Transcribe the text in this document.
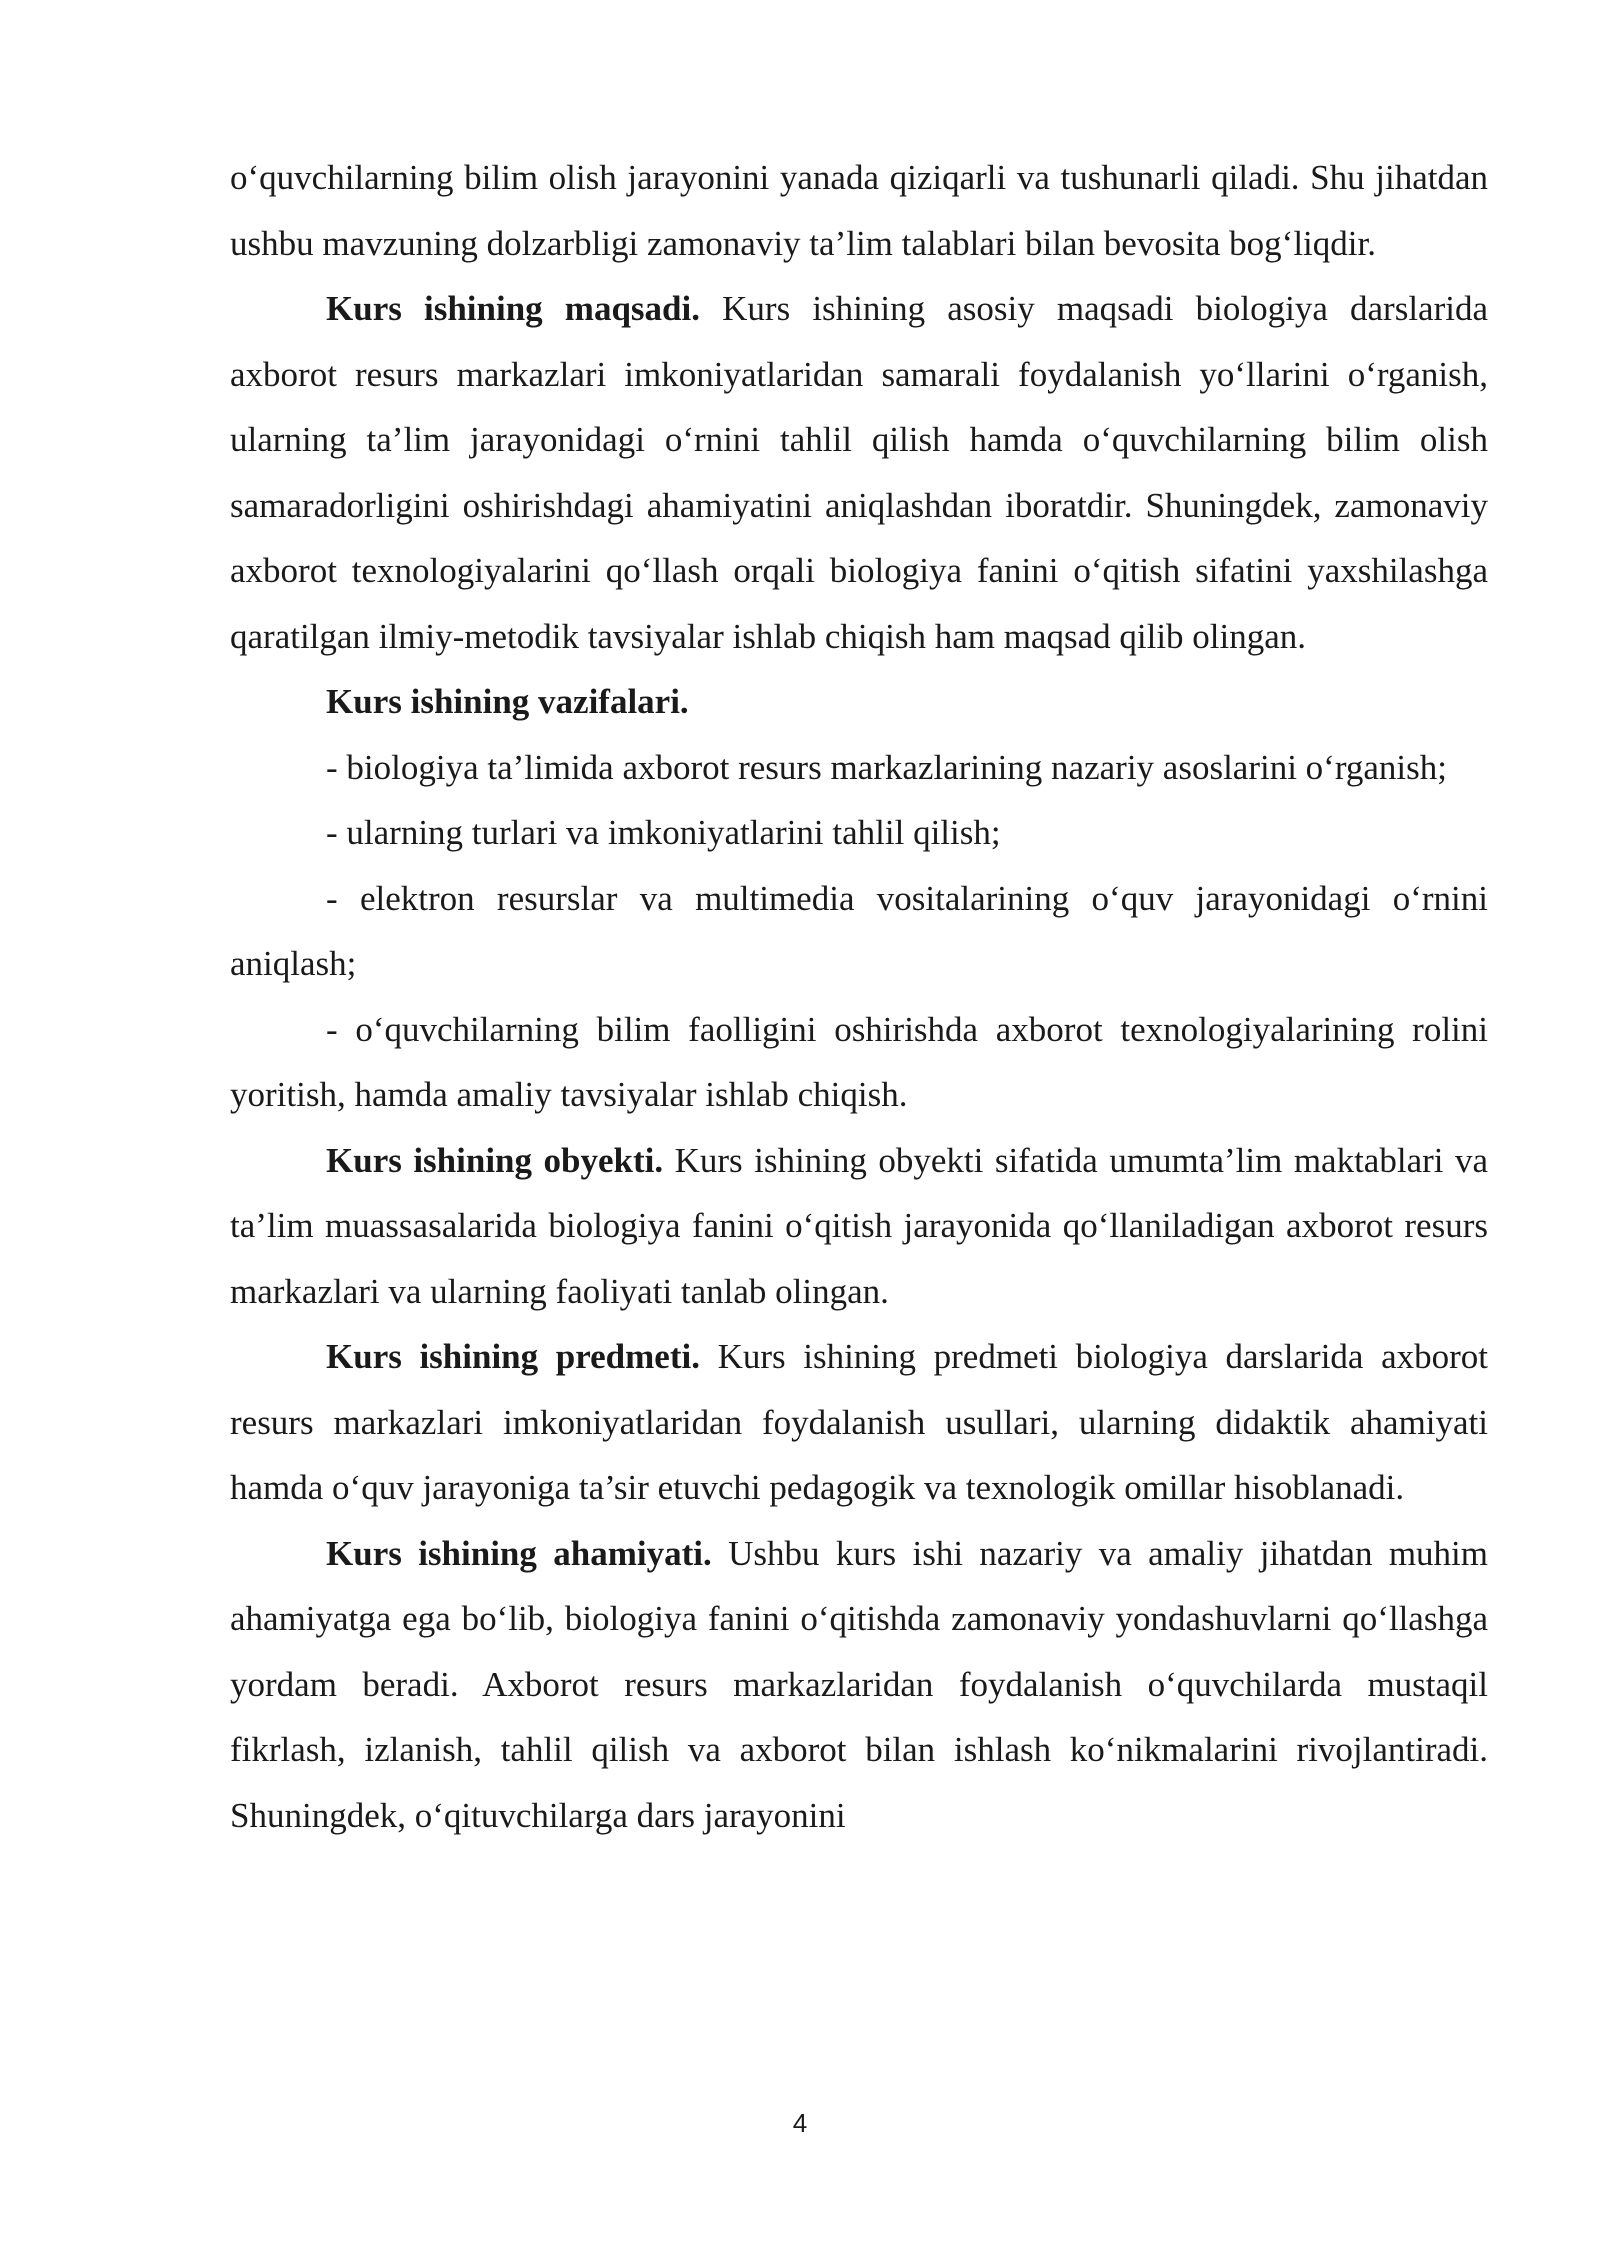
o‘quvchilarning bilim olish jarayonini yanada qiziqarli va tushunarli qiladi. Shu jihatdan ushbu mavzuning dolzarbligi zamonaviy ta’lim talablari bilan bevosita bog‘liqdir.

Kurs ishining maqsadi. Kurs ishining asosiy maqsadi biologiya darslarida axborot resurs markazlari imkoniyatlaridan samarali foydalanish yo‘llarini o‘rganish, ularning ta’lim jarayonidagi o‘rnini tahlil qilish hamda o‘quvchilarning bilim olish samaradorligini oshirishdagi ahamiyatini aniqlashdan iboratdir. Shuningdek, zamonaviy axborot texnologiyalarini qo‘llash orqali biologiya fanini o‘qitish sifatini yaxshilashga qaratilgan ilmiy-metodik tavsiyalar ishlab chiqish ham maqsad qilib olingan.

Kurs ishining vazifalari.

- biologiya ta’limida axborot resurs markazlarining nazariy asoslarini o‘rganish;

- ularning turlari va imkoniyatlarini tahlil qilish;

- elektron resurslar va multimedia vositalarining o‘quv jarayonidagi o‘rnini aniqlash;

- o‘quvchilarning bilim faolligini oshirishda axborot texnologiyalarining rolini yoritish, hamda amaliy tavsiyalar ishlab chiqish.

Kurs ishining obyekti. Kurs ishining obyekti sifatida umumta’lim maktablari va ta’lim muassasalarida biologiya fanini o‘qitish jarayonida qo‘llaniladigan axborot resurs markazlari va ularning faoliyati tanlab olingan.

Kurs ishining predmeti. Kurs ishining predmeti biologiya darslarida axborot resurs markazlari imkoniyatlaridan foydalanish usullari, ularning didaktik ahamiyati hamda o‘quv jarayoniga ta’sir etuvchi pedagogik va texnologik omillar hisoblanadi.

Kurs ishining ahamiyati. Ushbu kurs ishi nazariy va amaliy jihatdan muhim ahamiyatga ega bo‘lib, biologiya fanini o‘qitishda zamonaviy yondashuvlarni qo‘llashga yordam beradi. Axborot resurs markazlaridan foydalanish o‘quvchilarda mustaqil fikrlash, izlanish, tahlil qilish va axborot bilan ishlash ko‘nikmalarini rivojlantiradi. Shuningdek, o‘qituvchilarga dars jarayonini

4
